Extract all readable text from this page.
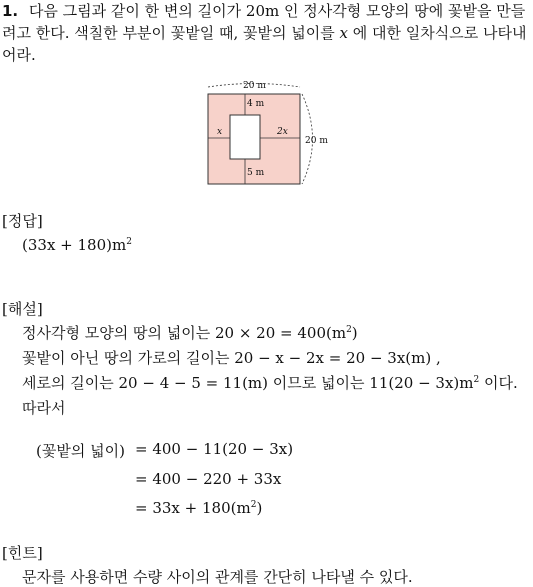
1. 다음 그림과 같이 한 변의 길이가 20m 인 정사각형 모양의 땅에 꽃밭을 만들려고 한다. 색칠한 부분이 꽃밭일 때, 꽃밭의 넓이를 x 에 대한 일차식으로 나타내어라.
20 m
20 m
4 m
5 m
x	2x
[정답]
$(33x + 180)m^2$
[해설]
정사각형 모양의 땅의 넓이는 $20 \times 20 = 400(m^2)$
꽃밭이 아닌 땅의 가로의 길이는 20 − x − 2x = 20 − 3x(m) ,
세로의 길이는 20 − 4 − 5 = 11(m) 이므로 넓이는 $11(20 - 3x)m^2$ 이다.
따라서
(꽃밭의 넓이) = 400 − 11(20 − 3x)
= 400 − 220 + 33x
= $33x + 180(m^2)$
[힌트]
문자를 사용하면 수량 사이의 관계를 간단히 나타낼 수 있다.
